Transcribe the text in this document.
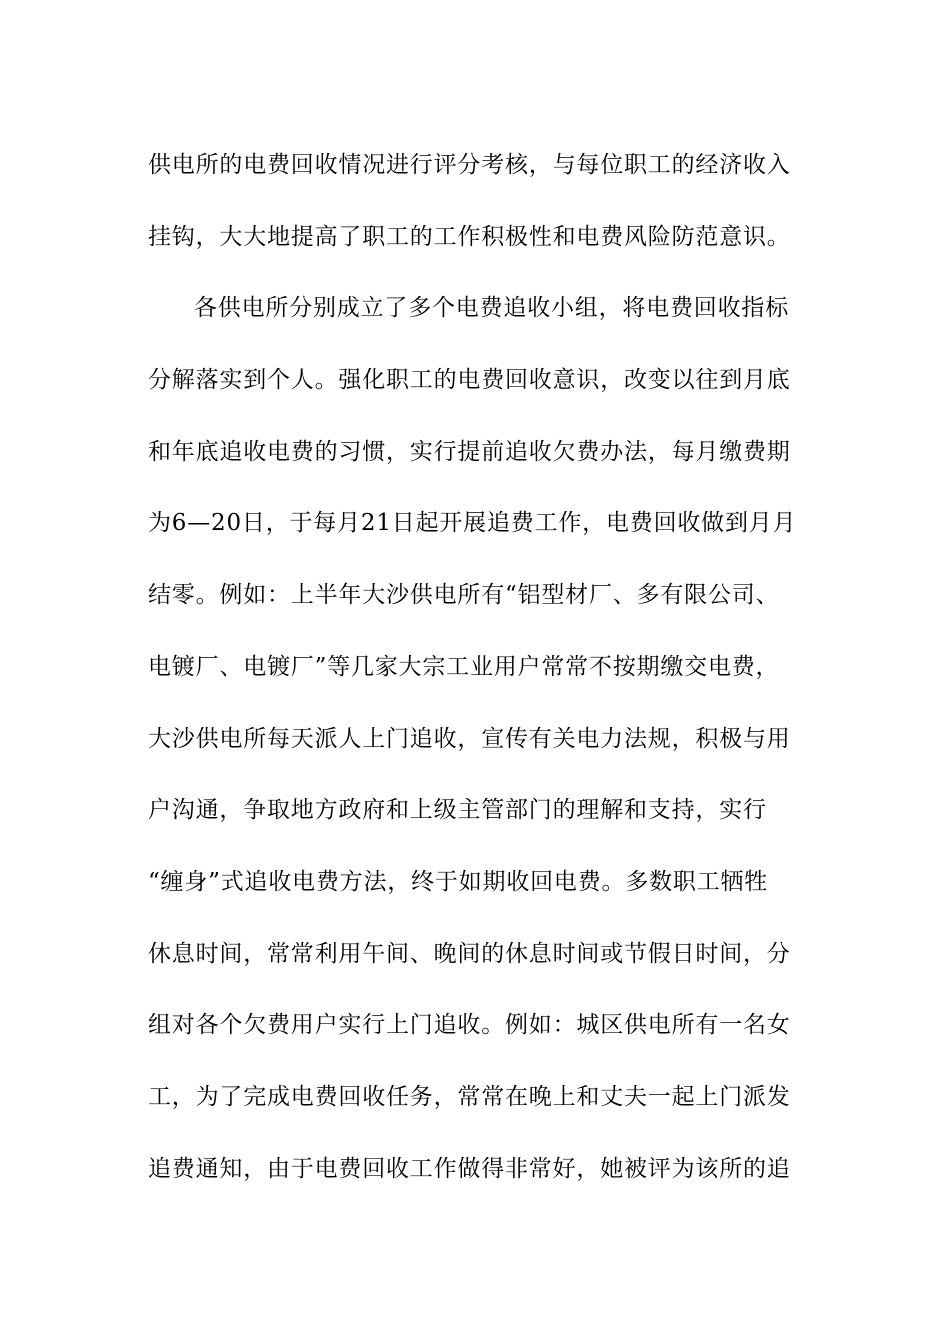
供电所的电费回收情况进行评分考核，与每位职工的经济收入
挂钩，大大地提高了职工的工作积极性和电费风险防范意识。
各供电所分别成立了多个电费追收小组，将电费回收指标
分解落实到个人。强化职工的电费回收意识，改变以往到月底
和年底追收电费的习惯，实行提前追收欠费办法，每月缴费期
为6—20日，于每月21日起开展追费工作，电费回收做到月月
结零。例如：上半年大沙供电所有“铝型材厂、多有限公司、
电镀厂、电镀厂”等几家大宗工业用户常常不按期缴交电费，
大沙供电所每天派人上门追收，宣传有关电力法规，积极与用
户沟通，争取地方政府和上级主管部门的理解和支持，实行
“缠身”式追收电费方法，终于如期收回电费。多数职工牺牲
休息时间，常常利用午间、晚间的休息时间或节假日时间，分
组对各个欠费用户实行上门追收。例如：城区供电所有一名女
工，为了完成电费回收任务，常常在晚上和丈夫一起上门派发
追费通知，由于电费回收工作做得非常好，她被评为该所的追
